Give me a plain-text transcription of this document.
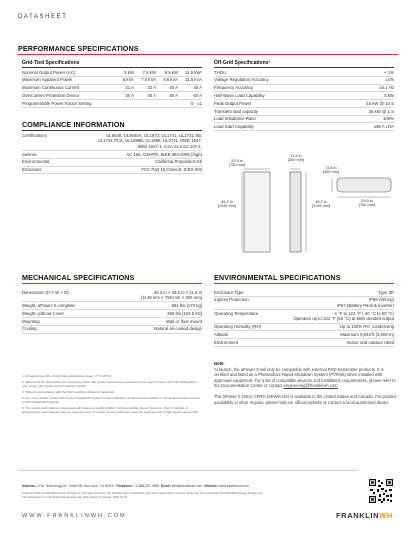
DATASHEET
PERFORMANCE SPECIFICATIONS
Grid-Tied Specifications
Nominal Output Power (AC)	5 kW	7.6 kW	9.6 kW	11.5 kW¹
Maximum Apparent Power	5 kVA	7.6 kVA	9.6 kVA	11.5 kVA
Maximum Continuous Current	21 A	32 A	40 A	48 A
Overcurrent Protection Device	30 A	40 A	50 A	60 A
Programmable Power Factor Setting				0 - ±1
Off-Grid Specifications²
THDU	< 1%
Voltage Regulation Accuracy	±1%
Frequency Accuracy	±0.1 Hz
Half-Wave Load Capability	5 kW
Peak Output Power	15 kW @ 10 S
Transient load capacity	25 kW @ 1 S
Load Imbalance Ratio	100%
Load Start Capability	185 A LRA
COMPLIANCE INFORMATION
Certifications	UL9540, UL9540A, UL1973, UL1741, UL1741 SB, UL1741 PCS, UL1699B, UL1998, UL3741, IEEE 1547, IEEE 1547.1, CSA 22.2 No 107.1,

Seismic	AC 156, OSHPD, IEEE 693-2005 (high)

Environmental	California Proposition 65

Emissions	FCC Part 15 Class B, ICES 003
29.5 in
[750 mm]
45.2 in
[1149 mm]
11.8 in
[300 mm]
45.2 in
[1149 mm]
11.8 in
[300 mm]
29.5 in
[750 mm]
MECHANICAL SPECIFICATIONS
Dimensions (H × W × D)	45.2 in × 29.5 in × 11.8 in
[1149 mm × 750 mm × 300 mm]

Weight, aPower S complete	581 lbs [173 kg]

Weight, without Cover	358 lbs [162.5 kG]

Mounting	Wall or floor mount

Cooling	Natural air-cooled design
ENVIRONMENTAL SPECIFICATIONS
Enclosure Type	Type 3R

Ingress Protection	IP56 (Wiring)
IP67 (Battery Pack & Inverter)

Operating Temperature	-4 °F to 122 °F (-20 °C to 50 °C)
Operates up to 131 °F (55 °C) at 5kW derated output

Operating Humidity (RH)	Up to 100% RH, condensing

Altitude	Maximum 9,843 ft (3,000 m)

Environment	Indoor and outdoor rated
1. At beginning of life. 5 kW charge/discharge power, 77°F (25°C).
2. When both PV and battery are supplying power, the system can deliver a continuous AC output of up to 11.5 kW. With battery-only output, the continuous AC output is 10 kW.
3. Tested in accordance with the CEC weighted efficiency approach.
4. For more details, please refer to the FranklinWH System Limited Warranty for End Users available in the Documentation Center on the FranklinWH website.
5. The output performance is designed with reference to IEC 62040-3 (Uninterruptible Power Systems - Part 3: Method of specifying the performance and test requirements). A number of core indicators meet the requirements of high-performance UPS.
Note:
At launch, the aPower S will only be compatible with external RSD transmitter products. It is certified and listed as a Photovoltaic Rapid Shutdown System (PVRSS) when installed with approved equipment. For a list of compatible devices and installation requirements, please refer to the Documentation Center or contact engineering@franklinwh.com
The aPower S (SKU: APR5-10KWH-US) is available in the United States and Canada. For product availability in other regions, please visit our official website or contact a local authorized dealer.
Address: 1731 Technology Dr., Suite 530 San Jose, CA 95110 Telephone: +1 888-837-2655 Email: info@franklinwh.com Website: www.franklinwh.com
Copyright 2025 FranklinWH Energy Storage Inc. All rights reserved. The Franklin logo, FranklinWH, and other trademarks or service names are the trademarks of FranklinWH Energy Storage Inc.
The document is for informational purposes only, data subject to change. 2025-07-31
WWW.FRANKLINWH.COM	FRANKLINWH
